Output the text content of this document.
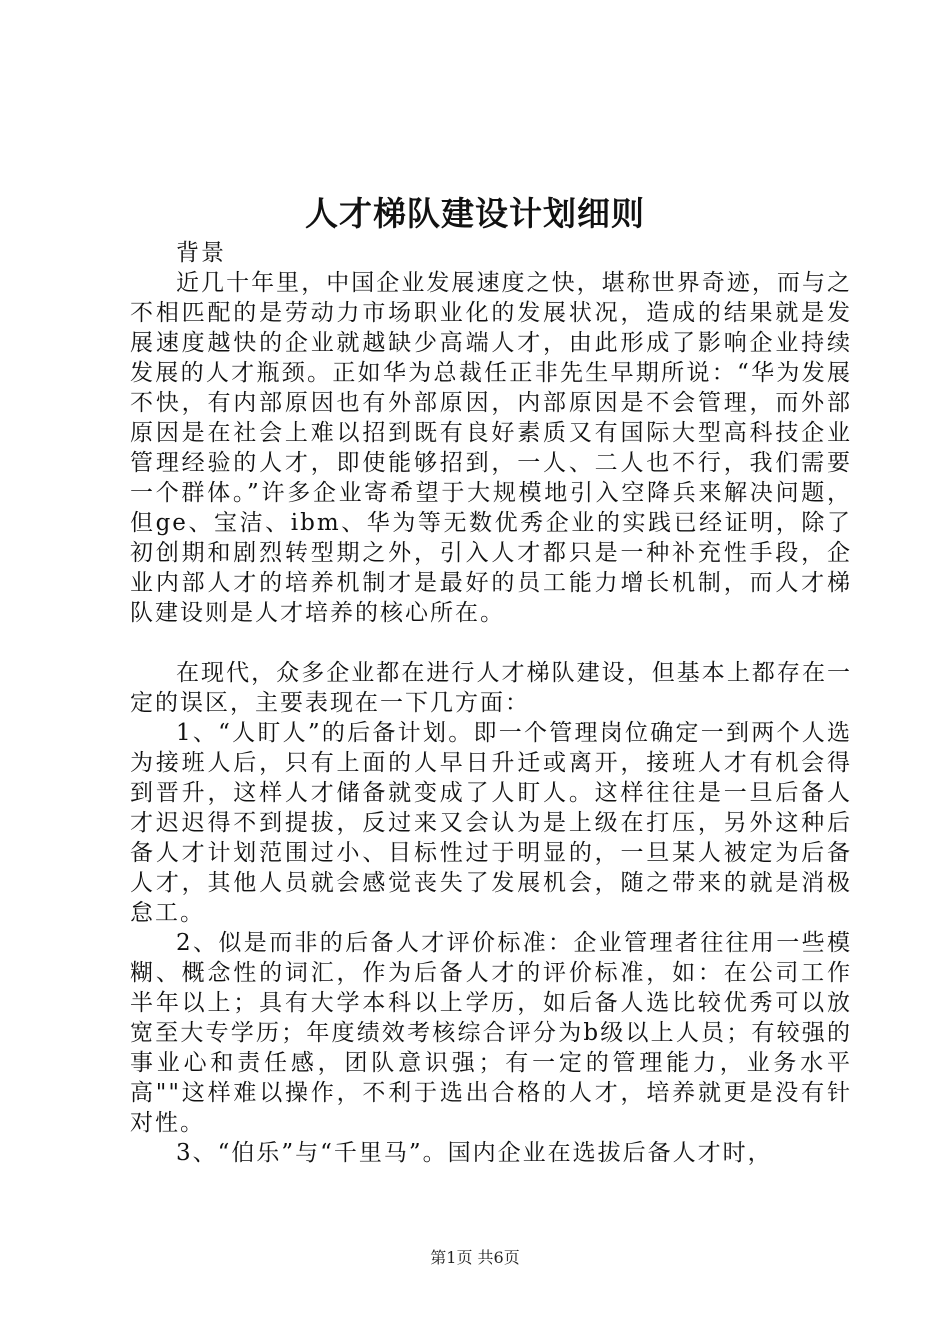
人才梯队建设计划细则

背景

近几十年里，中国企业发展速度之快，堪称世界奇迹，而与之不相匹配的是劳动力市场职业化的发展状况，造成的结果就是发展速度越快的企业就越缺少高端人才，由此形成了影响企业持续发展的人才瓶颈。正如华为总裁任正非先生早期所说：“华为发展不快，有内部原因也有外部原因，内部原因是不会管理，而外部原因是在社会上难以招到既有良好素质又有国际大型高科技企业管理经验的人才，即使能够招到，一人、二人也不行，我们需要一个群体。”许多企业寄希望于大规模地引入空降兵来解决问题，但ge、宝洁、ibm、华为等无数优秀企业的实践已经证明，除了初创期和剧烈转型期之外，引入人才都只是一种补充性手段，企业内部人才的培养机制才是最好的员工能力增长机制，而人才梯队建设则是人才培养的核心所在。

在现代，众多企业都在进行人才梯队建设，但基本上都存在一定的误区，主要表现在一下几方面：

1、“人盯人”的后备计划。即一个管理岗位确定一到两个人选为接班人后，只有上面的人早日升迁或离开，接班人才有机会得到晋升，这样人才储备就变成了人盯人。这样往往是一旦后备人才迟迟得不到提拔，反过来又会认为是上级在打压，另外这种后备人才计划范围过小、目标性过于明显的，一旦某人被定为后备人才，其他人员就会感觉丧失了发展机会，随之带来的就是消极怠工。

2、似是而非的后备人才评价标准：企业管理者往往用一些模糊、概念性的词汇，作为后备人才的评价标准，如：在公司工作半年以上；具有大学本科以上学历，如后备人选比较优秀可以放宽至大专学历；年度绩效考核综合评分为b级以上人员；有较强的事业心和责任感，团队意识强；有一定的管理能力，业务水平高""这样难以操作，不利于选出合格的人才，培养就更是没有针对性。

3、“伯乐”与“千里马”。国内企业在选拔后备人才时，

第1页 共6页
